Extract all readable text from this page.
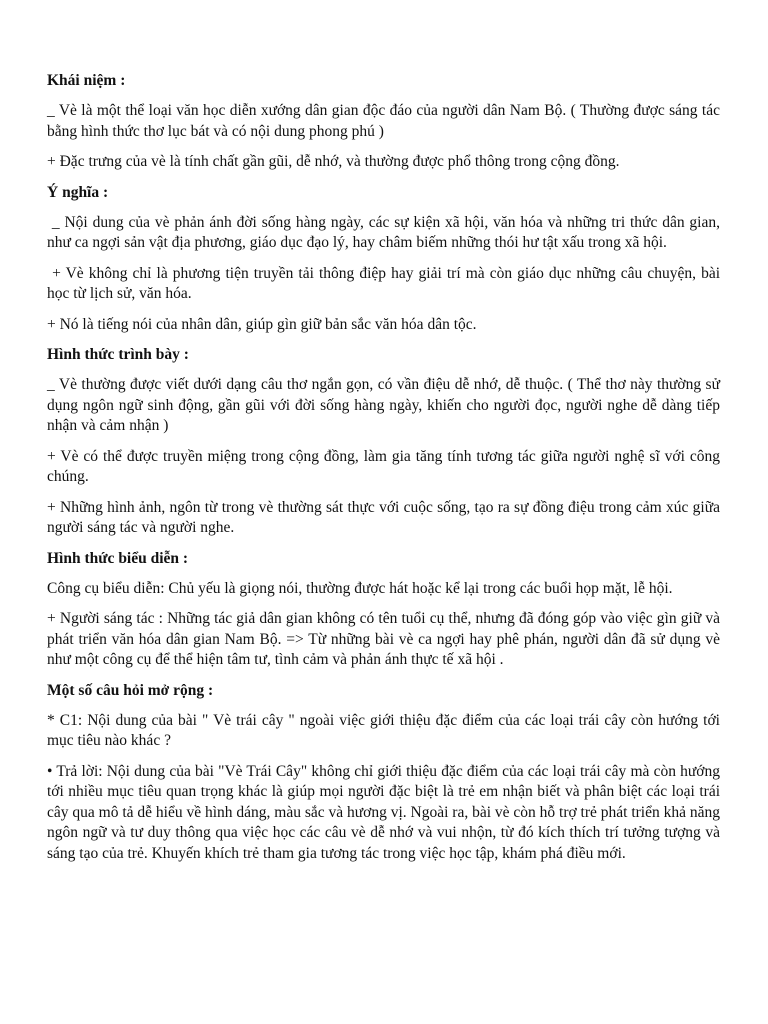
Khái niệm :

_ Vè là một thể loại văn học diễn xướng dân gian độc đáo của người dân Nam Bộ. ( Thường được sáng tác bằng hình thức thơ lục bát và có nội dung phong phú )

+ Đặc trưng của vè là tính chất gần gũi, dễ nhớ, và thường được phổ thông trong cộng đồng.

Ý nghĩa :

_ Nội dung của vè phản ánh đời sống hàng ngày, các sự kiện xã hội, văn hóa và những tri thức dân gian, như ca ngợi sản vật địa phương, giáo dục đạo lý, hay châm biếm những thói hư tật xấu trong xã hội.

+ Vè không chỉ là phương tiện truyền tải thông điệp hay giải trí mà còn giáo dục những câu chuyện, bài học từ lịch sử, văn hóa.

+ Nó là tiếng nói của nhân dân, giúp gìn giữ bản sắc văn hóa dân tộc.

Hình thức trình bày :

_ Vè thường được viết dưới dạng câu thơ ngắn gọn, có vần điệu dễ nhớ, dễ thuộc. ( Thể thơ này thường sử dụng ngôn ngữ sinh động, gần gũi với đời sống hàng ngày, khiến cho người đọc, người nghe dễ dàng tiếp nhận và cảm nhận )

+ Vè có thể được truyền miệng trong cộng đồng, làm gia tăng tính tương tác giữa người nghệ sĩ với công chúng.

+ Những hình ảnh, ngôn từ trong vè thường sát thực với cuộc sống, tạo ra sự đồng điệu trong cảm xúc giữa người sáng tác và người nghe.

Hình thức biểu diễn :

Công cụ biểu diễn: Chủ yếu là giọng nói, thường được hát hoặc kể lại trong các buổi họp mặt, lễ hội.

+ Người sáng tác : Những tác giả dân gian không có tên tuổi cụ thể, nhưng đã đóng góp vào việc gìn giữ và phát triển văn hóa dân gian Nam Bộ. => Từ những bài vè ca ngợi hay phê phán, người dân đã sử dụng vè như một công cụ để thể hiện tâm tư, tình cảm và phản ánh thực tế xã hội .

Một số câu hỏi mở rộng :

* C1: Nội dung của bài " Vè trái cây " ngoài việc giới thiệu đặc điểm của các loại trái cây còn hướng tới mục tiêu nào khác ?

• Trả lời: Nội dung của bài "Vè Trái Cây" không chỉ giới thiệu đặc điểm của các loại trái cây mà còn hướng tới nhiều mục tiêu quan trọng khác là giúp mọi người đặc biệt là trẻ em nhận biết và phân biệt các loại trái cây qua mô tả dễ hiểu về hình dáng, màu sắc và hương vị. Ngoài ra, bài vè còn hỗ trợ trẻ phát triển khả năng ngôn ngữ và tư duy thông qua việc học các câu vè dễ nhớ và vui nhộn, từ đó kích thích trí tưởng tượng và sáng tạo của trẻ. Khuyến khích trẻ tham gia tương tác trong việc học tập, khám phá điều mới.
